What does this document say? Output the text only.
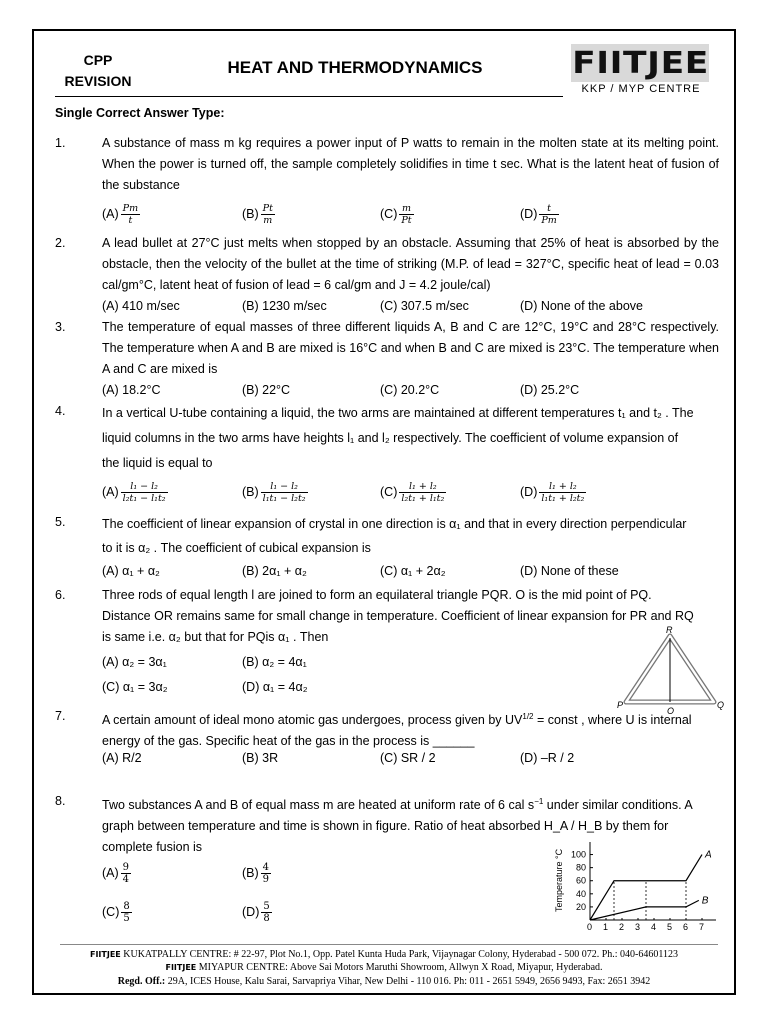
CPP
REVISION
HEAT AND THERMODYNAMICS	FIITJEE
KKP / MYP CENTRE
Single Correct Answer Type:
1.	A substance of mass m kg requires a power input of P watts to remain in the molten state at its melting point. When the power is turned off, the sample completely solidifies in time t sec. What is the latent heat of fusion of the substance
$(A) \frac{Pm}{t}$	$(B) \frac{Pt}{m}$	$(C) \frac{m}{Pt}$	$(D) \frac{t}{Pm}$
2.	A lead bullet at 27°C just melts when stopped by an obstacle. Assuming that 25% of heat is absorbed by the obstacle, then the velocity of the bullet at the time of striking (M.P. of lead = 327°C, specific heat of lead = 0.03 cal/gm°C, latent heat of fusion of lead = 6 cal/gm and J = 4.2 joule/cal)
(A) 410 m/sec	(B) 1230 m/sec	(C) 307.5 m/sec	(D) None of the above
3.	The temperature of equal masses of three different liquids A, B and C are 12°C, 19°C and 28°C respectively. The temperature when A and B are mixed is 16°C and when B and C are mixed is 23°C. The temperature when A and C are mixed is
(A) 18.2°C	(B) 22°C	(C) 20.2°C	(D) 25.2°C
4.	In a vertical U-tube containing a liquid, the two arms are maintained at different temperatures t₁ and t₂ . The
liquid columns in the two arms have heights l₁ and l₂ respectively. The coefficient of volume expansion of
the liquid is equal to
$(A) \frac{\text{l₁ − l₂}}{\text{l₂t₁ − l₁t₂}}$	$(B) \frac{\text{l₁ − l₂}}{\text{l₁t₁ − l₂t₂}}$	$(C) \frac{\text{l₁ + l₂}}{\text{l₂t₁ + l₁t₂}}$	$(D) \frac{\text{l₁ + l₂}}{\text{l₁t₁ + l₂t₂}}$
5.	The coefficient of linear expansion of crystal in one direction is α₁ and that in every direction perpendicular
to it is α₂ . The coefficient of cubical expansion is
(A) α₁ + α₂	(B) 2α₁ + α₂	(C) α₁ + 2α₂	(D) None of these
6.	Three rods of equal length l are joined to form an equilateral triangle PQR. O is the mid point of PQ.
Distance OR remains same for small change in temperature. Coefficient of linear expansion for PR and RQ
is same i.e. α₂ but that for PQis α₁ . Then
(A) α₂ = 3α₁	(B) α₂ = 4α₁
(C) α₁ = 3α₂	(D) α₁ = 4α₂
R
P	Q
O
7.	A certain amount of ideal mono atomic gas undergoes, process given by $UV^{1/2}$ = const , where U is internal
energy of the gas. Specific heat of the gas in the process is ______
(A) R/2	(B) 3R	(C) SR / 2	(D) –R / 2
8.	Two substances A and B of equal mass m are heated at uniform rate of 6 cal $s^{-1}$ under similar conditions. A
graph between temperature and time is shown in figure. Ratio of heat absorbed H_A / H_B by them for
complete fusion is
$(A) \frac{9}{4}$	$(B) \frac{4}{9}$
$(C) \frac{8}{5}$	$(D) \frac{5}{8}$
0 1 2 3 4 5 6 7
20
40
60
80
100
Temperature °C	A
B
FIITJEE KUKATPALLY CENTRE: # 22-97, Plot No.1, Opp. Patel Kunta Huda Park, Vijaynagar Colony, Hyderabad - 500 072. Ph.: 040-64601123
FIITJEE MIYAPUR CENTRE: Above Sai Motors Maruthi Showroom, Allwyn X Road, Miyapur, Hyderabad.
Regd. Off.: 29A, ICES House, Kalu Sarai, Sarvapriya Vihar, New Delhi - 110 016. Ph: 011 - 2651 5949, 2656 9493, Fax: 2651 3942
